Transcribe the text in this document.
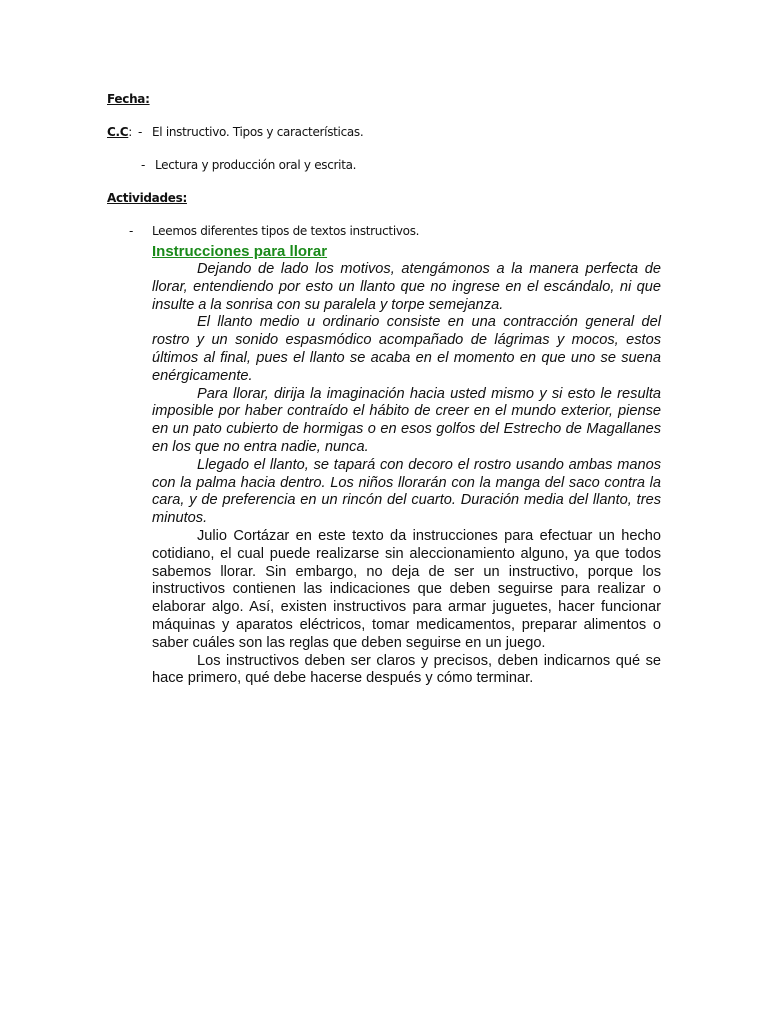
Fecha:
C.C: - El instructivo. Tipos y características.
- Lectura y producción oral y escrita.
Actividades:
- Leemos diferentes tipos de textos instructivos.
Instrucciones para llorar

Dejando de lado los motivos, atengámonos a la manera perfecta de llorar, entendiendo por esto un llanto que no ingrese en el escándalo, ni que insulte a la sonrisa con su paralela y torpe semejanza.

El llanto medio u ordinario consiste en una contracción general del rostro y un sonido espasmódico acompañado de lágrimas y mocos, estos últimos al final, pues el llanto se acaba en el momento en que uno se suena enérgicamente.

Para llorar, dirija la imaginación hacia usted mismo y si esto le resulta imposible por haber contraído el hábito de creer en el mundo exterior, piense en un pato cubierto de hormigas o en esos golfos del Estrecho de Magallanes en los que no entra nadie, nunca.

Llegado el llanto, se tapará con decoro el rostro usando ambas manos con la palma hacia dentro. Los niños llorarán con la manga del saco contra la cara, y de preferencia en un rincón del cuarto. Duración media del llanto, tres minutos.

Julio Cortázar en este texto da instrucciones para efectuar un hecho cotidiano, el cual puede realizarse sin aleccionamiento alguno, ya que todos sabemos llorar. Sin embargo, no deja de ser un instructivo, porque los instructivos contienen las indicaciones que deben seguirse para realizar o elaborar algo. Así, existen instructivos para armar juguetes, hacer funcionar máquinas y aparatos eléctricos, tomar medicamentos, preparar alimentos o saber cuáles son las reglas que deben seguirse en un juego.

Los instructivos deben ser claros y precisos, deben indicarnos qué se hace primero, qué debe hacerse después y cómo terminar.
